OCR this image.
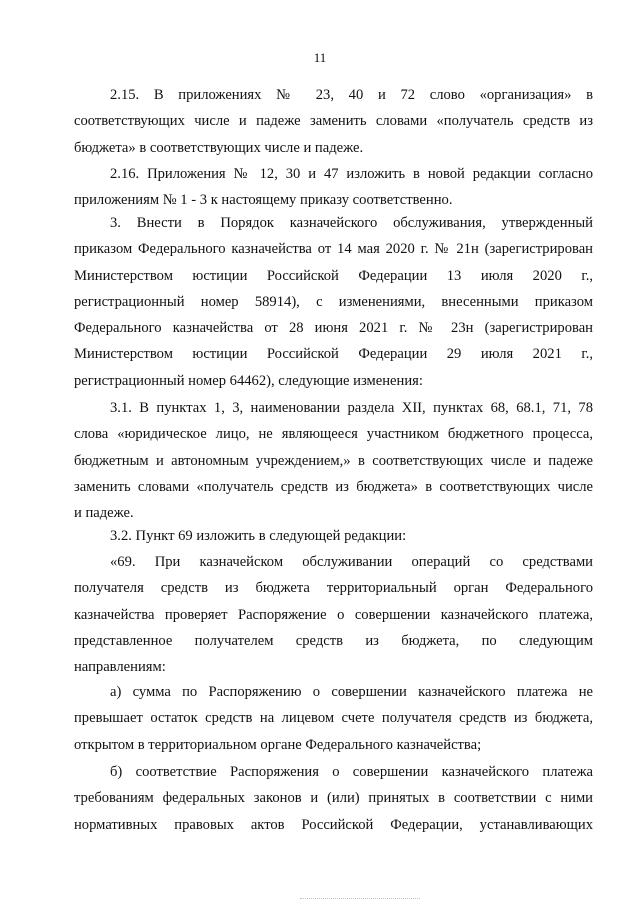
11
2.15. В приложениях № 23, 40 и 72 слово «организация» в
соответствующих числе и падеже заменить словами «получатель средств из
бюджета» в соответствующих числе и падеже.
2.16. Приложения № 12, 30 и 47 изложить в новой редакции согласно
приложениям № 1 - 3 к настоящему приказу соответственно.
3. Внести в Порядок казначейского обслуживания, утвержденный
приказом Федерального казначейства от 14 мая 2020 г. № 21н (зарегистрирован
Министерством юстиции Российской Федерации 13 июля 2020 г.,
регистрационный номер 58914), с изменениями, внесенными приказом
Федерального казначейства от 28 июня 2021 г. № 23н (зарегистрирован
Министерством юстиции Российской Федерации 29 июля 2021 г.,
регистрационный номер 64462), следующие изменения:
3.1. В пунктах 1, 3, наименовании раздела XII, пунктах 68, 68.1, 71, 78
слова «юридическое лицо, не являющееся участником бюджетного процесса,
бюджетным и автономным учреждением,» в соответствующих числе и падеже
заменить словами «получатель средств из бюджета» в соответствующих числе
и падеже.
3.2. Пункт 69 изложить в следующей редакции:
«69. При казначейском обслуживании операций со средствами
получателя средств из бюджета территориальный орган Федерального
казначейства проверяет Распоряжение о совершении казначейского платежа,
представленное получателем средств из бюджета, по следующим
направлениям:
а) сумма по Распоряжению о совершении казначейского платежа не
превышает остаток средств на лицевом счете получателя средств из бюджета,
открытом в территориальном органе Федерального казначейства;
б) соответствие Распоряжения о совершении казначейского платежа
требованиям федеральных законов и (или) принятых в соответствии с ними
нормативных правовых актов Российской Федерации, устанавливающих
